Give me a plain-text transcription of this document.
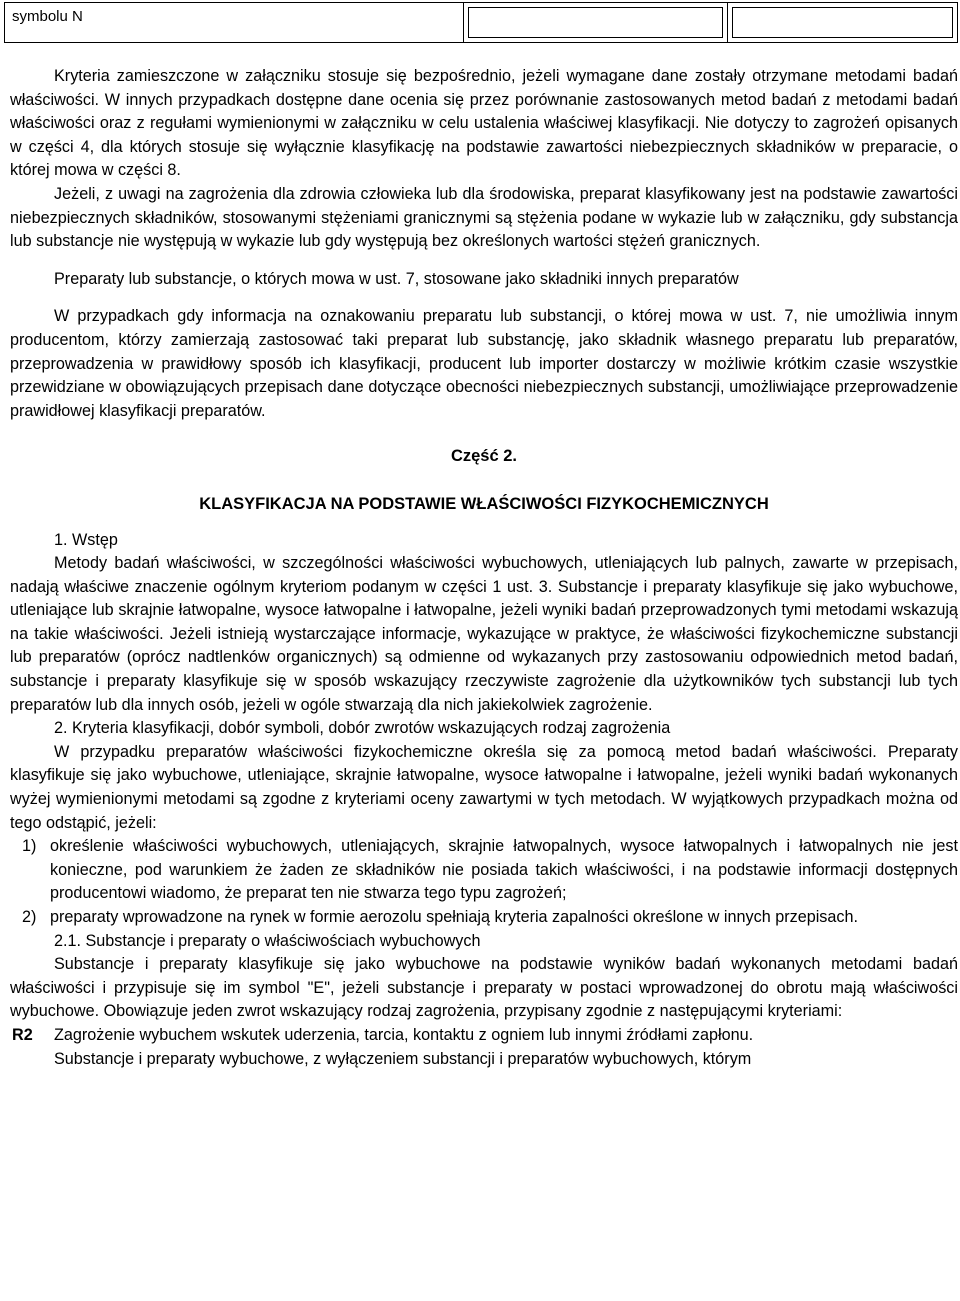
symbolu N

Kryteria zamieszczone w załączniku stosuje się bezpośrednio, jeżeli wymagane dane zostały otrzymane metodami badań właściwości. W innych przypadkach dostępne dane ocenia się przez porównanie zastosowanych metod badań z metodami badań właściwości oraz z regułami wymienionymi w załączniku w celu ustalenia właściwej klasyfikacji. Nie dotyczy to zagrożeń opisanych w części 4, dla których stosuje się wyłącznie klasyfikację na podstawie zawartości niebezpiecznych składników w preparacie, o której mowa w części 8.

Jeżeli, z uwagi na zagrożenia dla zdrowia człowieka lub dla środowiska, preparat klasyfikowany jest na podstawie zawartości niebezpiecznych składników, stosowanymi stężeniami granicznymi są stężenia podane w wykazie lub w załączniku, gdy substancja lub substancje nie występują w wykazie lub gdy występują bez określonych wartości stężeń granicznych.

Preparaty lub substancje, o których mowa w ust. 7, stosowane jako składniki innych preparatów

W przypadkach gdy informacja na oznakowaniu preparatu lub substancji, o której mowa w ust. 7, nie umożliwia innym producentom, którzy zamierzają zastosować taki preparat lub substancję, jako składnik własnego preparatu lub preparatów, przeprowadzenia w prawidłowy sposób ich klasyfikacji, producent lub importer dostarczy w możliwie krótkim czasie wszystkie przewidziane w obowiązujących przepisach dane dotyczące obecności niebezpiecznych substancji, umożliwiające przeprowadzenie prawidłowej klasyfikacji preparatów.

Część 2.

KLASYFIKACJA NA PODSTAWIE WŁAŚCIWOŚCI FIZYKOCHEMICZNYCH

1. Wstęp

Metody badań właściwości, w szczególności właściwości wybuchowych, utleniających lub palnych, zawarte w przepisach, nadają właściwe znaczenie ogólnym kryteriom podanym w części 1 ust. 3. Substancje i preparaty klasyfikuje się jako wybuchowe, utleniające lub skrajnie łatwopalne, wysoce łatwopalne i łatwopalne, jeżeli wyniki badań przeprowadzonych tymi metodami wskazują na takie właściwości. Jeżeli istnieją wystarczające informacje, wykazujące w praktyce, że właściwości fizykochemiczne substancji lub preparatów (oprócz nadtlenków organicznych) są odmienne od wykazanych przy zastosowaniu odpowiednich metod badań, substancje i preparaty klasyfikuje się w sposób wskazujący rzeczywiste zagrożenie dla użytkowników tych substancji lub tych preparatów lub dla innych osób, jeżeli w ogóle stwarzają dla nich jakiekolwiek zagrożenie.

2. Kryteria klasyfikacji, dobór symboli, dobór zwrotów wskazujących rodzaj zagrożenia

W przypadku preparatów właściwości fizykochemiczne określa się za pomocą metod badań właściwości. Preparaty klasyfikuje się jako wybuchowe, utleniające, skrajnie łatwopalne, wysoce łatwopalne i łatwopalne, jeżeli wyniki badań wykonanych wyżej wymienionymi metodami są zgodne z kryteriami oceny zawartymi w tych metodach. W wyjątkowych przypadkach można od tego odstąpić, jeżeli:

1) określenie właściwości wybuchowych, utleniających, skrajnie łatwopalnych, wysoce łatwopalnych i łatwopalnych nie jest konieczne, pod warunkiem że żaden ze składników nie posiada takich właściwości, i na podstawie informacji dostępnych producentowi wiadomo, że preparat ten nie stwarza tego typu zagrożeń;
2) preparaty wprowadzone na rynek w formie aerozolu spełniają kryteria zapalności określone w innych przepisach.

2.1. Substancje i preparaty o właściwościach wybuchowych

Substancje i preparaty klasyfikuje się jako wybuchowe na podstawie wyników badań wykonanych metodami badań właściwości i przypisuje się im symbol "E", jeżeli substancje i preparaty w postaci wprowadzonej do obrotu mają właściwości wybuchowe. Obowiązuje jeden zwrot wskazujący rodzaj zagrożenia, przypisany zgodnie z następującymi kryteriami:

R2 Zagrożenie wybuchem wskutek uderzenia, tarcia, kontaktu z ogniem lub innymi źródłami zapłonu.

Substancje i preparaty wybuchowe, z wyłączeniem substancji i preparatów wybuchowych, którym
